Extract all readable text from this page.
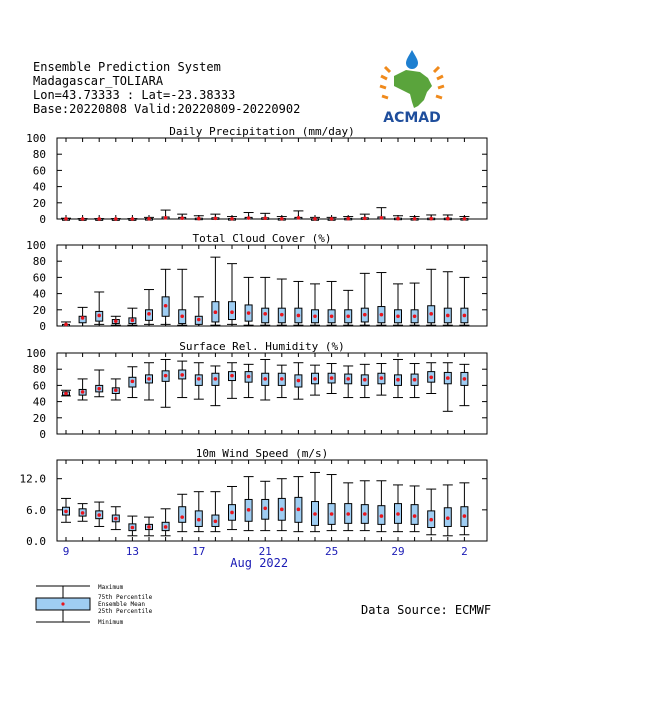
Ensemble Prediction System
Madagascar_TOLIARA
Lon=43.73333 : Lat=-23.38333
Base:20220808 Valid:20220809-20220902
ACMAD
Daily Precipitation (mm/day)
0
20
40
60
80
100
Total Cloud Cover (%)
0
20
40
60
80
100
Surface Rel. Humidity (%)
0
20
40
60
80
100
10m Wind Speed (m/s)
0.0
6.0
12.0
9	13	17	21	25	29	2
Aug 2022
Maximum
75th Percentile
Ensemble Mean
25th Percentile
Minimum
Data Source: ECMWF
